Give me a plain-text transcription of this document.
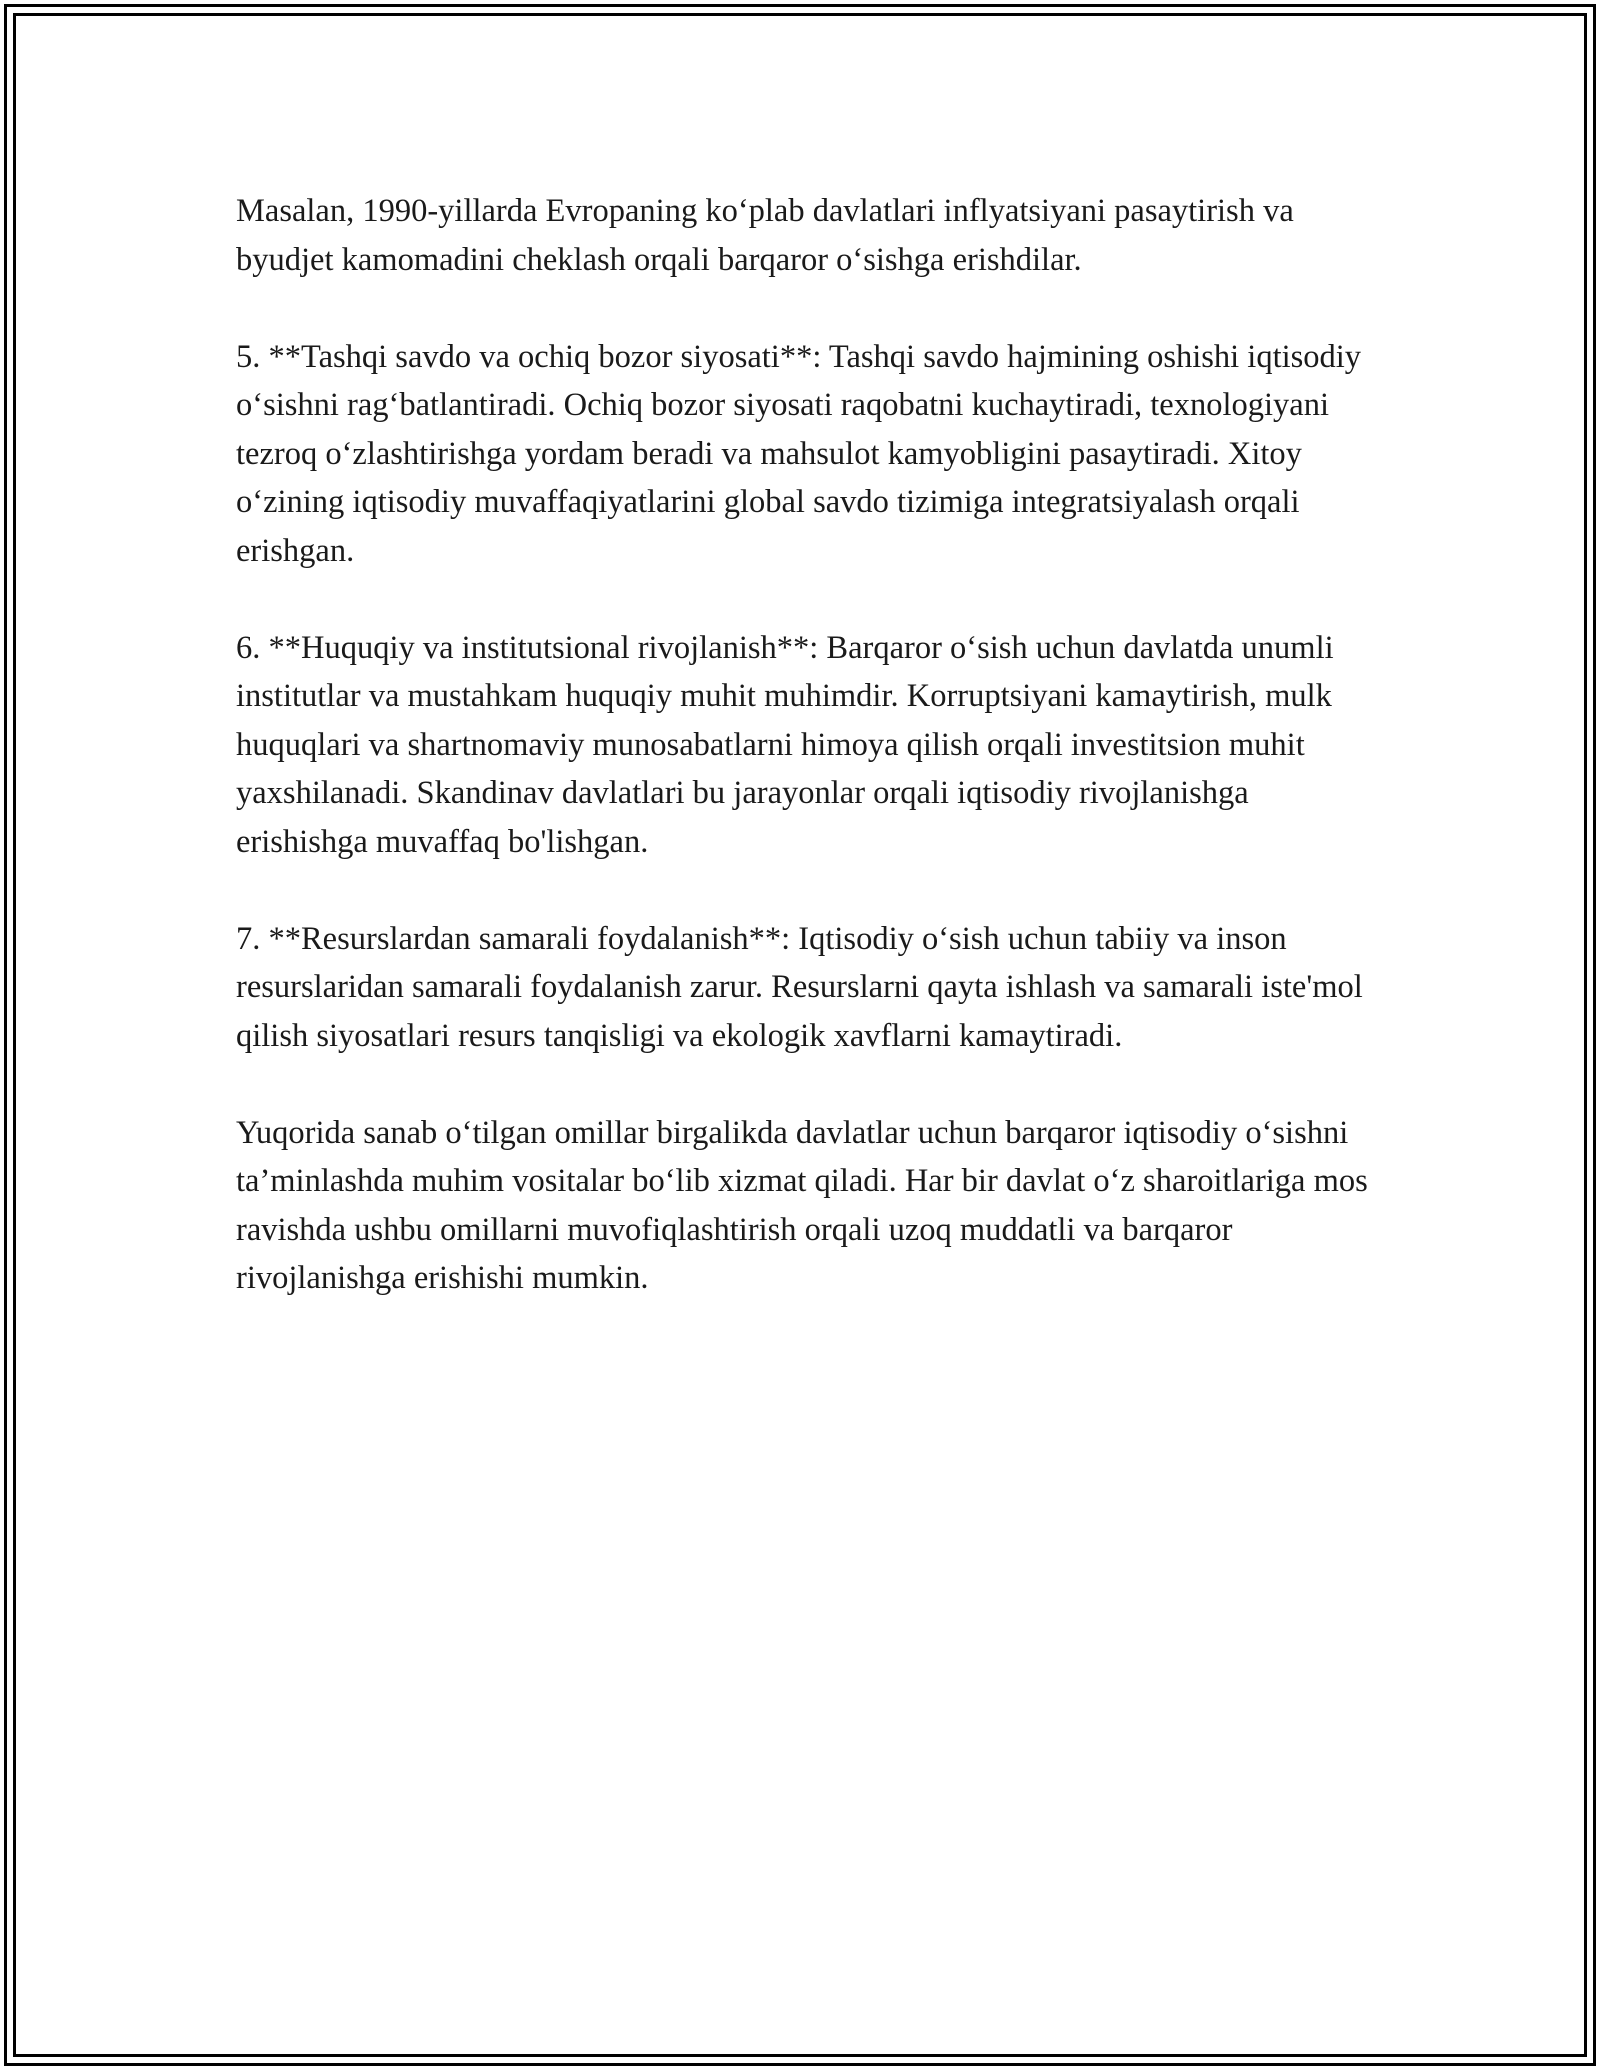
Masalan, 1990-yillarda Evropaning ko‘plab davlatlari inflyatsiyani pasaytirish va byudjet kamomadini cheklash orqali barqaror o‘sishga erishdilar.

5. **Tashqi savdo va ochiq bozor siyosati**: Tashqi savdo hajmining oshishi iqtisodiy o‘sishni rag‘batlantiradi. Ochiq bozor siyosati raqobatni kuchaytiradi, texnologiyani tezroq o‘zlashtirishga yordam beradi va mahsulot kamyobligini pasaytiradi. Xitoy o‘zining iqtisodiy muvaffaqiyatlarini global savdo tizimiga integratsiyalash orqali erishgan.

6. **Huquqiy va institutsional rivojlanish**: Barqaror o‘sish uchun davlatda unumli institutlar va mustahkam huquqiy muhit muhimdir. Korruptsiyani kamaytirish, mulk huquqlari va shartnomaviy munosabatlarni himoya qilish orqali investitsion muhit yaxshilanadi. Skandinav davlatlari bu jarayonlar orqali iqtisodiy rivojlanishga erishishga muvaffaq bo'lishgan.

7. **Resurslardan samarali foydalanish**: Iqtisodiy o‘sish uchun tabiiy va inson resurslaridan samarali foydalanish zarur. Resurslarni qayta ishlash va samarali iste'mol qilish siyosatlari resurs tanqisligi va ekologik xavflarni kamaytiradi.

Yuqorida sanab o‘tilgan omillar birgalikda davlatlar uchun barqaror iqtisodiy o‘sishni ta’minlashda muhim vositalar bo‘lib xizmat qiladi. Har bir davlat o‘z sharoitlariga mos ravishda ushbu omillarni muvofiqlashtirish orqali uzoq muddatli va barqaror rivojlanishga erishishi mumkin.
